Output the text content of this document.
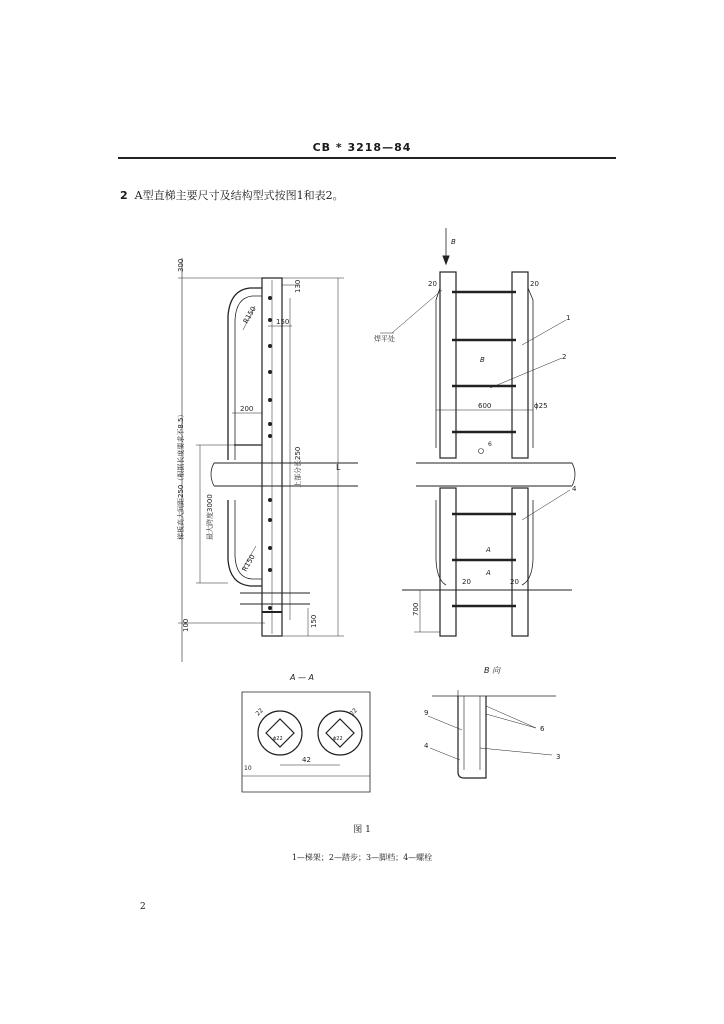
CB * 3218—84
2 A型直梯主要尺寸及结构型式按图1和表2。
R150
130
150
200
R150
300
梯板高大间距250（根据长度要求不8.5）	最大跨度3000
上部分长250	L
100	150
B
20	20
焊平处
1
2
B
600	ϕ25
6
4
A
A
20	20
700
A — A
42
10
22	22
ϕ22	ϕ22
B 向
9
6
3
4
图 1
1—梯架；2—踏步；3—脚档；4—螺栓
2
